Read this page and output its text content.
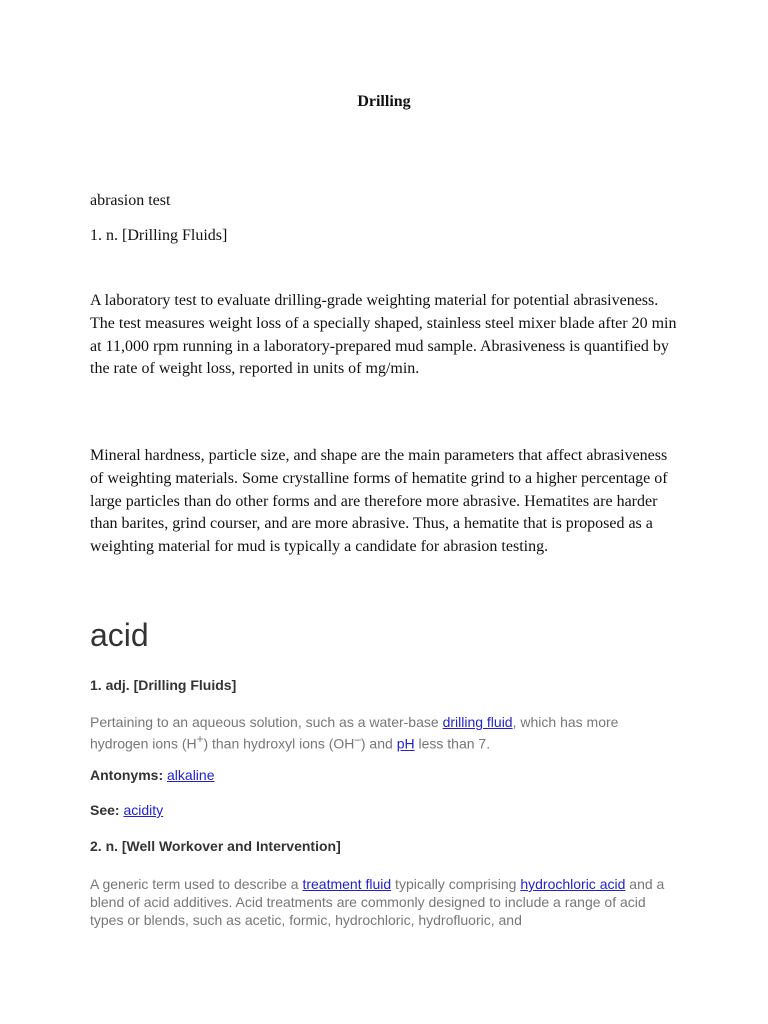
Drilling
abrasion test
1. n. [Drilling Fluids]
A laboratory test to evaluate drilling-grade weighting material for potential abrasiveness. The test measures weight loss of a specially shaped, stainless steel mixer blade after 20 min at 11,000 rpm running in a laboratory-prepared mud sample. Abrasiveness is quantified by the rate of weight loss, reported in units of mg/min.
Mineral hardness, particle size, and shape are the main parameters that affect abrasiveness of weighting materials. Some crystalline forms of hematite grind to a higher percentage of large particles than do other forms and are therefore more abrasive. Hematites are harder than barites, grind courser, and are more abrasive. Thus, a hematite that is proposed as a weighting material for mud is typically a candidate for abrasion testing.
acid
1. adj. [Drilling Fluids]
Pertaining to an aqueous solution, such as a water-base drilling fluid, which has more hydrogen ions (H+) than hydroxyl ions (OH–) and pH less than 7.
Antonyms: alkaline
See: acidity
2. n. [Well Workover and Intervention]
A generic term used to describe a treatment fluid typically comprising hydrochloric acid and a blend of acid additives. Acid treatments are commonly designed to include a range of acid types or blends, such as acetic, formic, hydrochloric, hydrofluoric, and
